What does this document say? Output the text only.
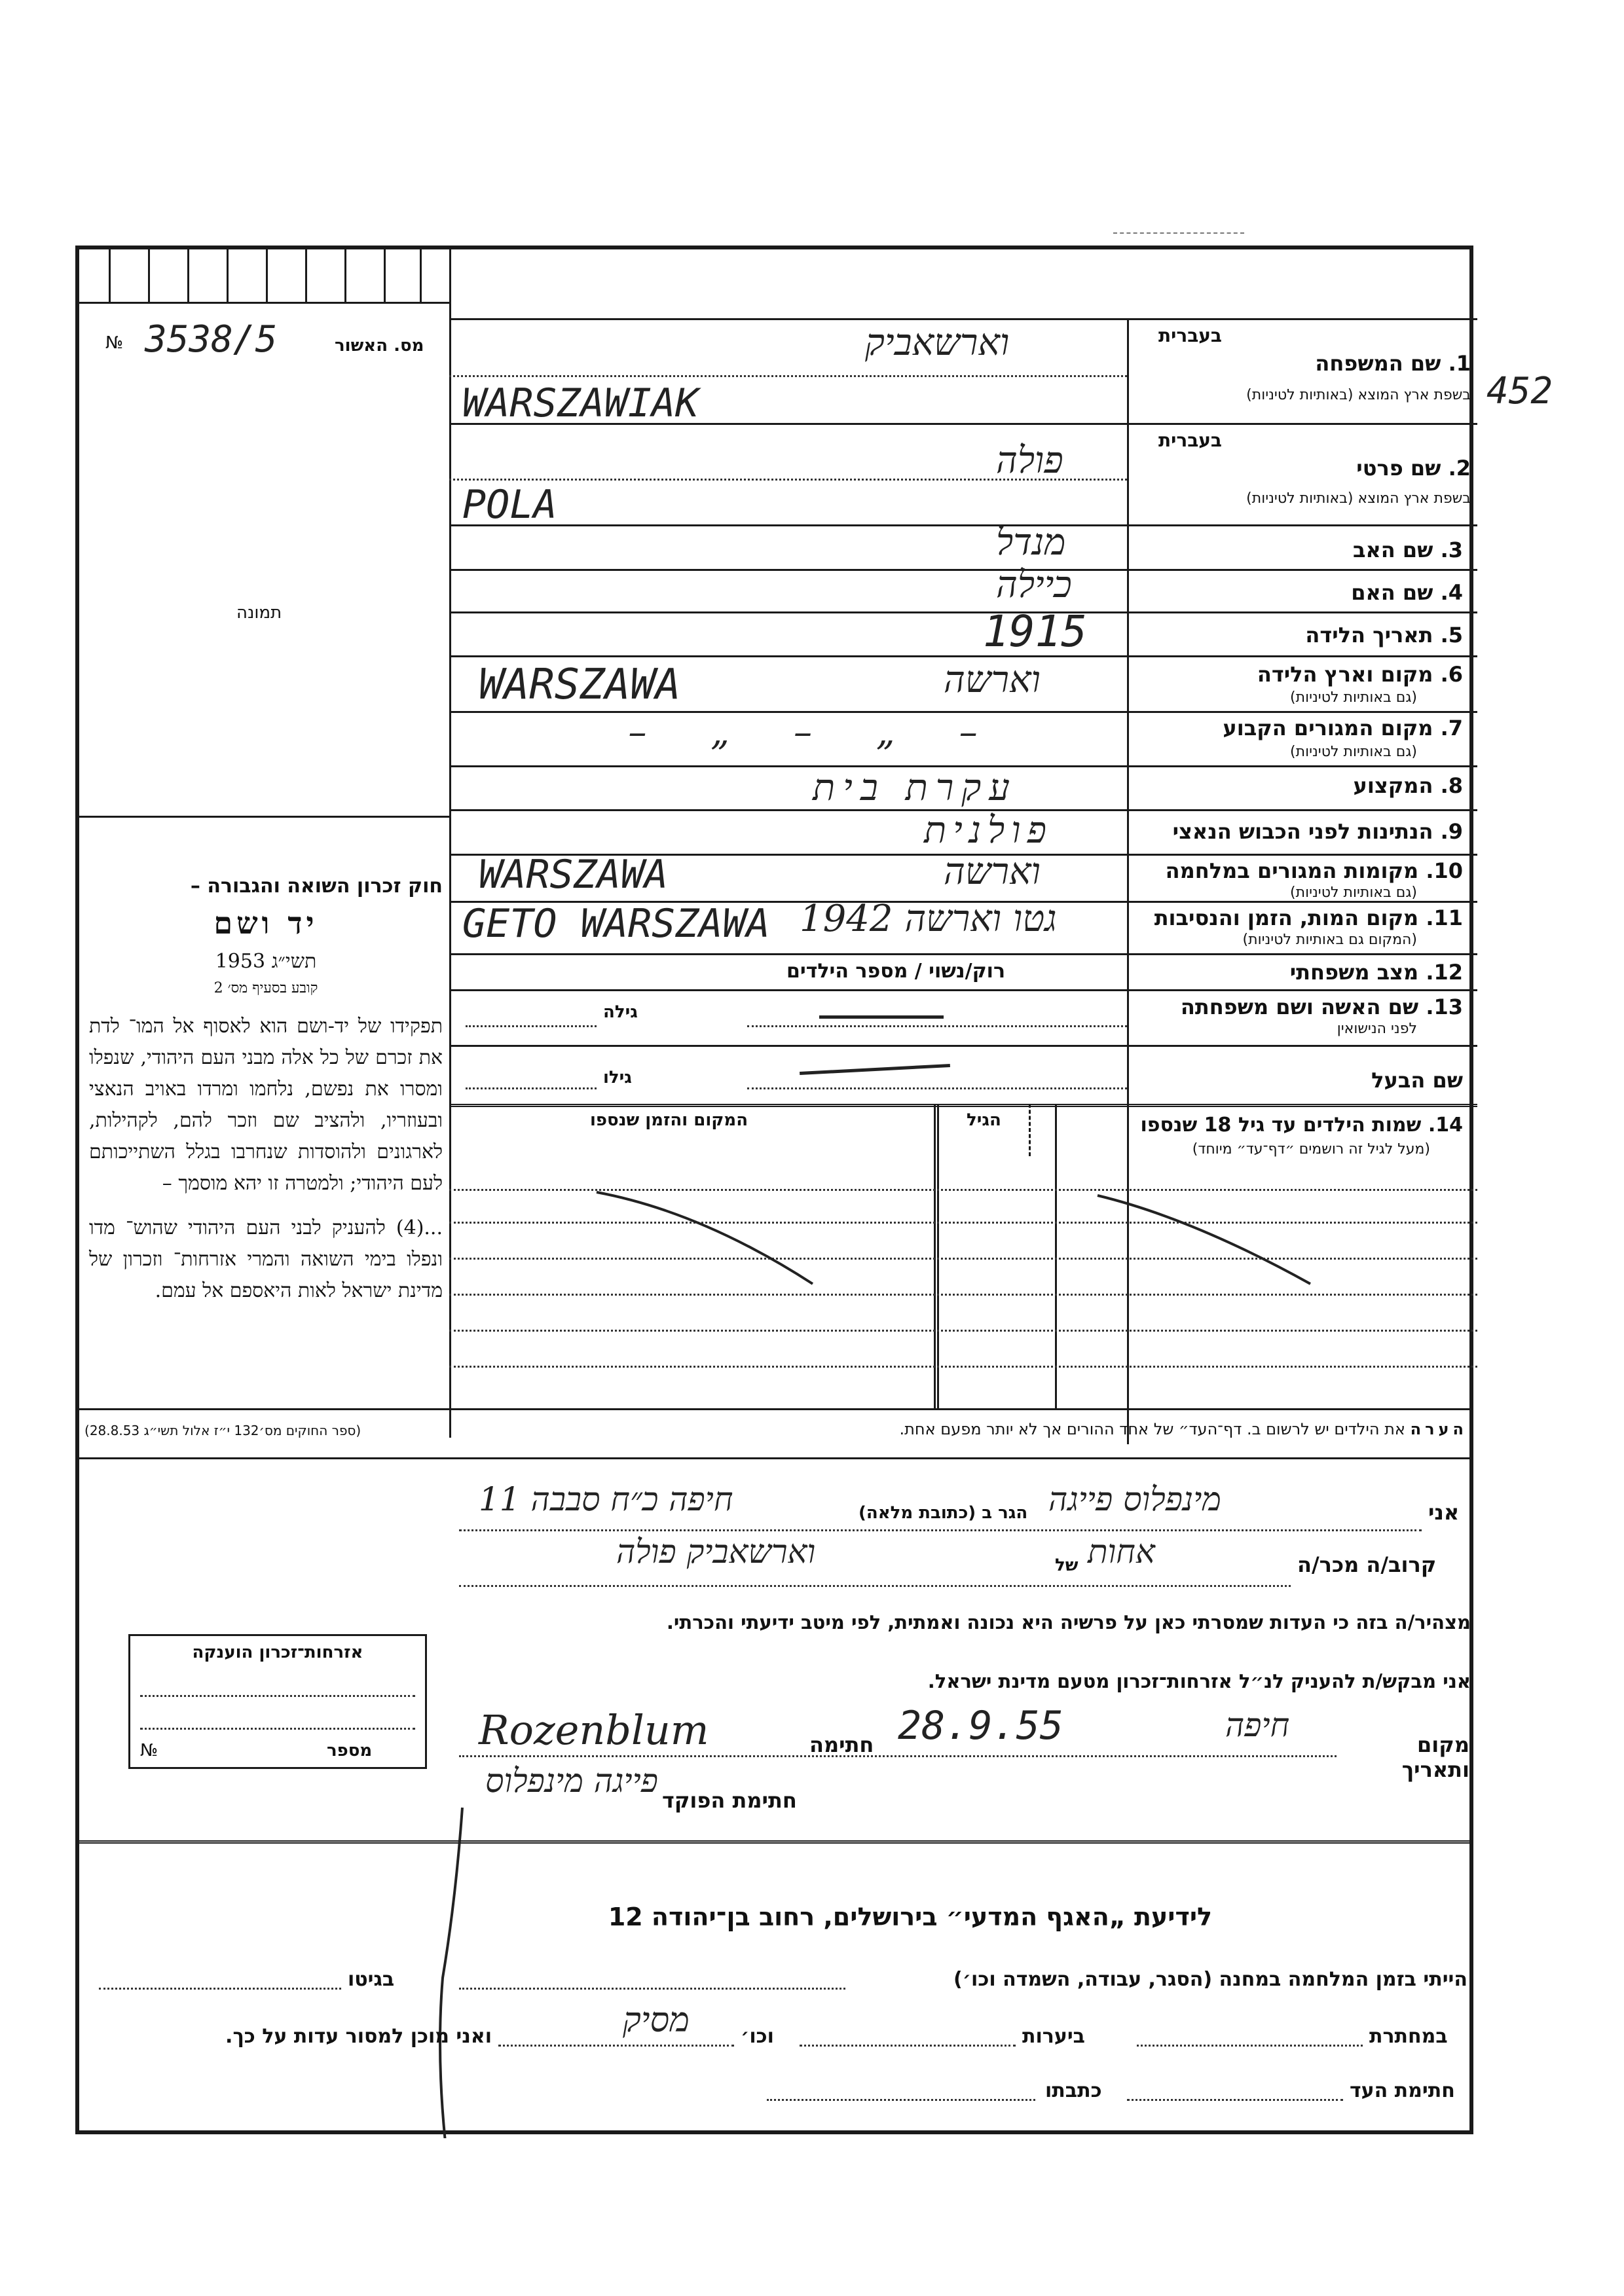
452
№ 3538/5	מס. האשור
תמונה
חוק זכרון השואה והגבורה –
יד ושם
תשי״ג 1953
קובע בסעיף מס׳ 2
תפקידו של יד-ושם הוא לאסוף אל המו־ לדת את זכרם של כל אלה מבני העם היהודי, שנפלו ומסרו את נפשם, נלחמו ומרדו באויב הנאצי ובעוזריו, ולהציב שם וזכר להם, לקהילות, לארגונים ולהוסדות שנחרבו בגלל השתייכותם לעם היהודי; ולמטרה זו יהא מוסמך –
...(4) להעניק לבני העם היהודי שהוש־ מדו ונפלו בימי השואה והמרי אזרחות־ וזכרון של מדינת ישראל לאות היאספם אל עמם.
(ספר החוקים מס׳132 י״ז אלול תשי״ג 28.8.53)
בעברית
1. שם המשפחה
בשפת ארץ המוצא (באותיות לטיניות)
וארשאביק
WARSZAWIAK
בעברית
2. שם פרטי
בשפת ארץ המוצא (באותיות לטיניות)
פולה
POLA
3. שם האב
מנדל
4. שם האם
כיילה
5. תאריך הלידה
1915
6. מקום וארץ הלידה
(גם באותיות לטיניות)
וארשה
WARSZAWA
7. מקום המגורים הקבוע
(גם באותיות לטיניות)
– „ – „ –
8. המקצוע
עקרת בית
9. הנתינות לפני הכבוש הנאצי
פולנית
10. מקומות המגורים במלחמה
(גם באותיות לטיניות)
וארשה
WARSZAWA
11. מקום המות, הזמן והנסיבות
(המקום גם באותיות לטיניות)
גטו וארשה 1942
GETO WARSZAWA
12. מצב משפחתי
רוק/נשוי / מספר הילדים
13. שם האשה ושם משפחתה
לפני הנישואין
גילה
שם הבעל
גילו
14. שמות הילדים עד גיל 18 שנספו
(מעל לגיל זה רושמים ״דף־עד״ מיוחד)
הגיל
המקום והזמן שנספו
הערה את הילדים יש לרשום ב. דף־העד״ של אחד ההורים אך לא יותר מפעם אחת.
אני
מינפלוס פייגה
הגר ב (כתובת מלאה)
חיפה כ״ח סבבה 11
קרוב/ה מכר/ה
אחות
של
וארשאביק פולה
מצהיר/ה בזה כי העדות שמסרתי כאן על פרשיה היא נכונה ואמתית, לפי מיטב ידיעתי והכרתי.
אני מבקש/ת להעניק לנ״ל אזרחות־זכרון מטעם מדינת ישראל.
מקום ותאריך
חיפה
28.9.55
חתימה
Rozenblum
חתימת הפוקד
פייגה מינפלוס
אזרחות־זכרון הוענקה
№	מספר
לידיעת „האגף המדעי״ בירושלים, רחוב בן־יהודה 12
הייתי בזמן המלחמה במחנה (הסגר, עבודה, השמדה וכו׳)
בגיטו
במחתרת
ביערות
וכו׳
מסיק
ואני מוכן למסור עדות על כך.
חתימת העד
כתבתו
